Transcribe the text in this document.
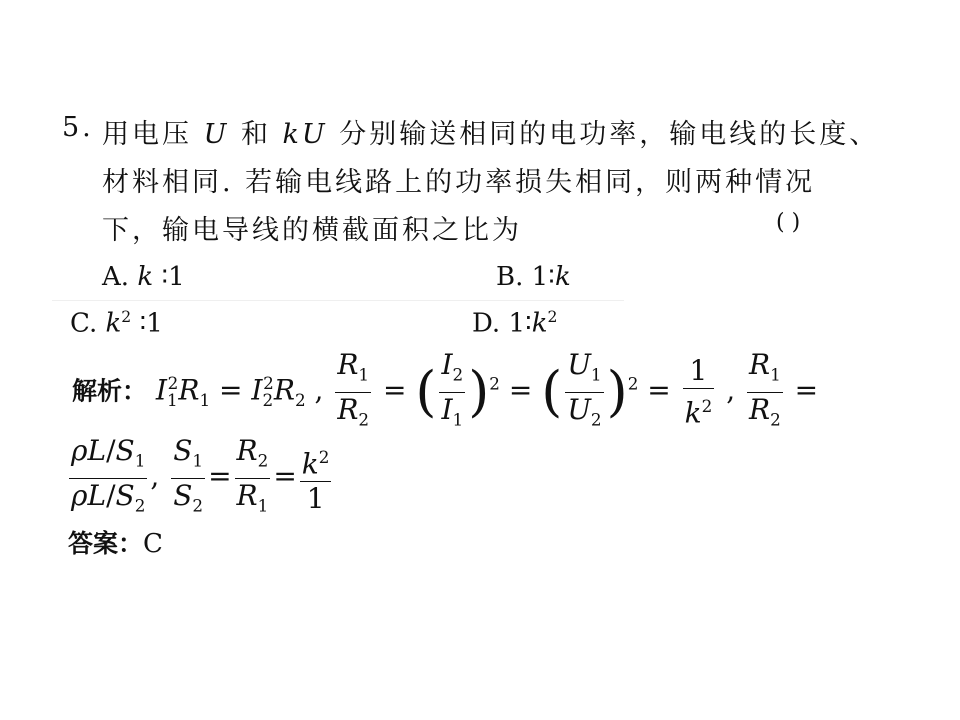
5. 用电压 U 和 kU 分别输送相同的电功率，输电线的长度、
材料相同. 若输电线路上的功率损失相同，则两种情况
下，输电导线的横截面积之比为	( )
A. k ∶1	B. 1∶k
C. $k^2$ ∶1	D. $1∶k^2$
解析： $I_1^2R_1 = I_2^2R_2$ , $\frac{R_1}{R_2}$ = ( $\frac{I_2}{I_1} )^2$ = ( $\frac{U_1}{U_2} )^2 = \frac{1}{k^2}$ , $\frac{R_1}{R_2}$ =
$\frac{\rho L/S_1}{\rho L/S_2}$ , $\frac{S_1}{S_2} = \frac{R_2}{R_1} = \frac{k^2}{1}$
答案：C
